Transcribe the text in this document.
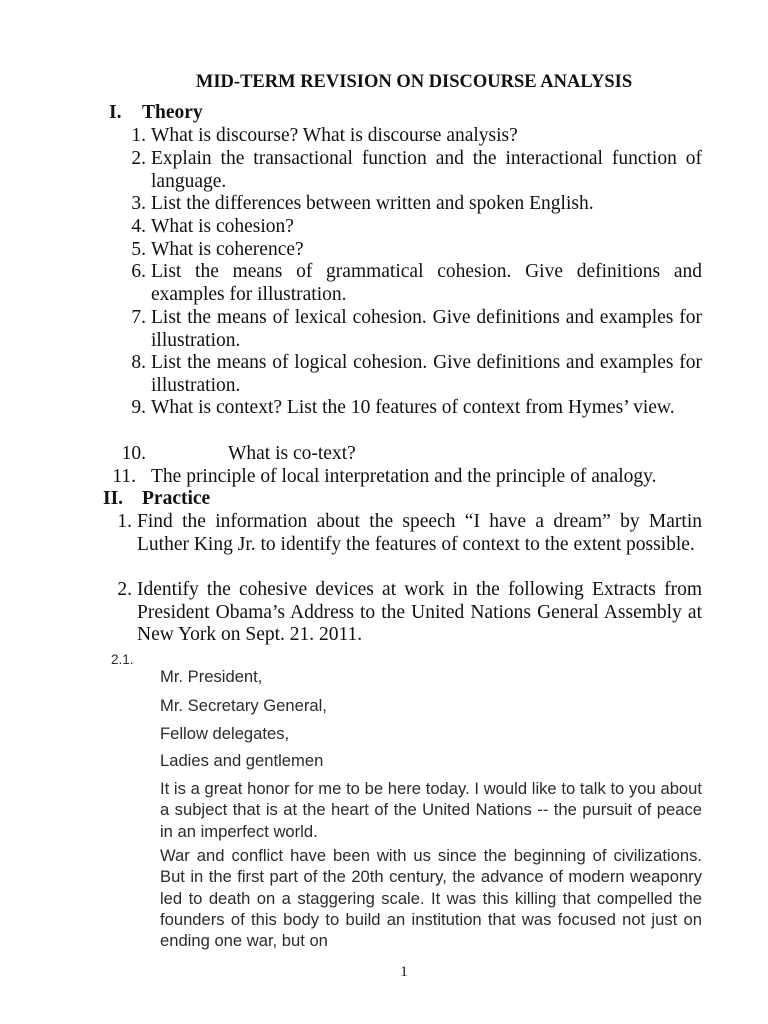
MID-TERM REVISION ON DISCOURSE ANALYSIS
I. Theory
1. What is discourse? What is discourse analysis?
2. Explain the transactional function and the interactional function of language.
3. List the differences between written and spoken English.
4. What is cohesion?
5. What is coherence?
6. List the means of grammatical cohesion. Give definitions and examples for illustration.
7. List the means of lexical cohesion. Give definitions and examples for illustration.
8. List the means of logical cohesion. Give definitions and examples for illustration.
9. What is context? List the 10 features of context from Hymes’ view.
10.	What is co-text?
11. The principle of local interpretation and the principle of analogy.
II. Practice
1. Find the information about the speech “I have a dream” by Martin Luther King Jr. to identify the features of context to the extent possible.
2. Identify the cohesive devices at work in the following Extracts from President Obama’s Address to the United Nations General Assembly at New York on Sept. 21. 2011.
2.1.
Mr. President,
Mr. Secretary General,
Fellow delegates,
Ladies and gentlemen
It is a great honor for me to be here today. I would like to talk to you about a subject that is at the heart of the United Nations -- the pursuit of peace in an imperfect world.
War and conflict have been with us since the beginning of civilizations. But in the first part of the 20th century, the advance of modern weaponry led to death on a staggering scale. It was this killing that compelled the founders of this body to build an institution that was focused not just on ending one war, but on
1
